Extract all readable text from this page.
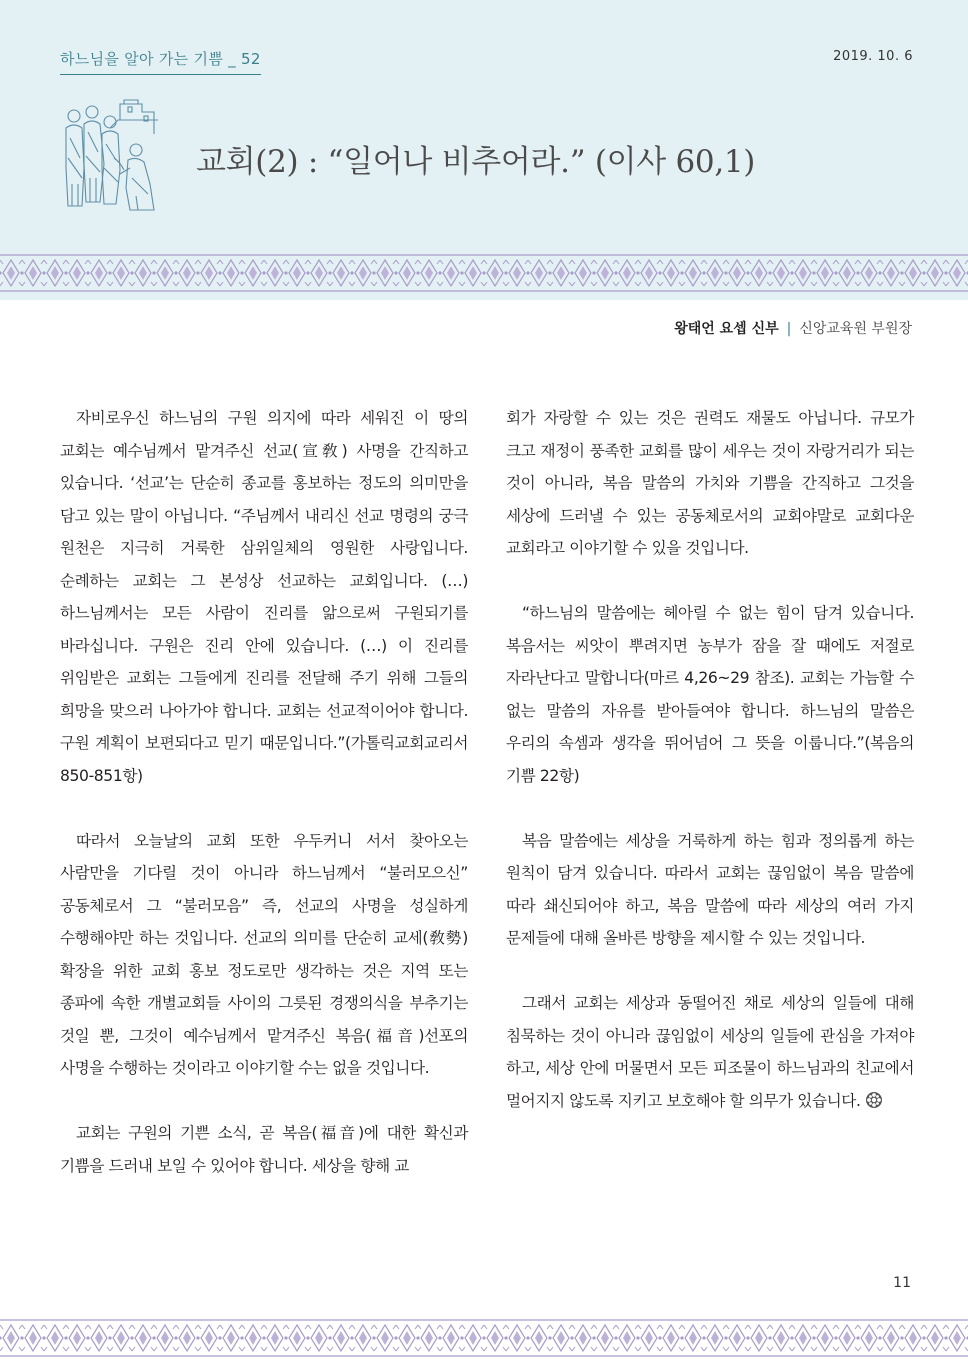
하느님을 알아 가는 기쁨 _ 52	2019. 10. 6
교회(2) : “일어나 비추어라.” (이사 60,1)
왕태언 요셉 신부 | 신앙교육원 부원장

자비로우신 하느님의 구원 의지에 따라 세워진 이 땅의 교회는 예수님께서 맡겨주신 선교(宣敎) 사명을 간직하고 있습니다. ‘선교’는 단순히 종교를 홍보하는 정도의 의미만을 담고 있는 말이 아닙니다. “주님께서 내리신 선교 명령의 궁극 원천은 지극히 거룩한 삼위일체의 영원한 사랑입니다. 순례하는 교회는 그 본성상 선교하는 교회입니다. (…) 하느님께서는 모든 사람이 진리를 앎으로써 구원되기를 바라십니다. 구원은 진리 안에 있습니다. (…) 이 진리를 위임받은 교회는 그들에게 진리를 전달해 주기 위해 그들의 희망을 맞으러 나아가야 합니다. 교회는 선교적이어야 합니다. 구원 계획이 보편되다고 믿기 때문입니다.”(가톨릭교회교리서 850-851항)

따라서 오늘날의 교회 또한 우두커니 서서 찾아오는 사람만을 기다릴 것이 아니라 하느님께서 “불러모으신” 공동체로서 그 “불러모음” 즉, 선교의 사명을 성실하게 수행해야만 하는 것입니다. 선교의 의미를 단순히 교세(敎勢) 확장을 위한 교회 홍보 정도로만 생각하는 것은 지역 또는 종파에 속한 개별교회들 사이의 그릇된 경쟁의식을 부추기는 것일 뿐, 그것이 예수님께서 맡겨주신 복음(福音)선포의 사명을 수행하는 것이라고 이야기할 수는 없을 것입니다.

교회는 구원의 기쁜 소식, 곧 복음(福音)에 대한 확신과 기쁨을 드러내 보일 수 있어야 합니다. 세상을 향해 교

회가 자랑할 수 있는 것은 권력도 재물도 아닙니다. 규모가 크고 재정이 풍족한 교회를 많이 세우는 것이 자랑거리가 되는 것이 아니라, 복음 말씀의 가치와 기쁨을 간직하고 그것을 세상에 드러낼 수 있는 공동체로서의 교회야말로 교회다운 교회라고 이야기할 수 있을 것입니다.

“하느님의 말씀에는 헤아릴 수 없는 힘이 담겨 있습니다. 복음서는 씨앗이 뿌려지면 농부가 잠을 잘 때에도 저절로 자라난다고 말합니다(마르 4,26~29 참조). 교회는 가늠할 수 없는 말씀의 자유를 받아들여야 합니다. 하느님의 말씀은 우리의 속셈과 생각을 뛰어넘어 그 뜻을 이룹니다.”(복음의 기쁨 22항)

복음 말씀에는 세상을 거룩하게 하는 힘과 정의롭게 하는 원칙이 담겨 있습니다. 따라서 교회는 끊임없이 복음 말씀에 따라 쇄신되어야 하고, 복음 말씀에 따라 세상의 여러 가지 문제들에 대해 올바른 방향을 제시할 수 있는 것입니다.

그래서 교회는 세상과 동떨어진 채로 세상의 일들에 대해 침묵하는 것이 아니라 끊임없이 세상의 일들에 관심을 가져야 하고, 세상 안에 머물면서 모든 피조물이 하느님과의 친교에서 멀어지지 않도록 지키고 보호해야 할 의무가 있습니다.

11
